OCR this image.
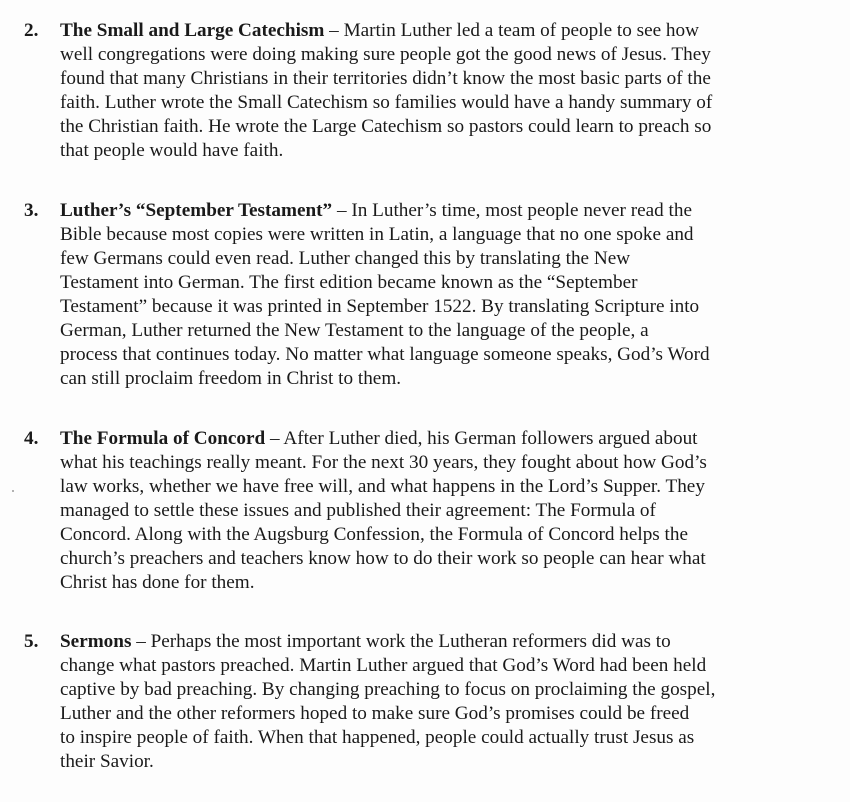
2.	The Small and Large Catechism – Martin Luther led a team of people to see how
well congregations were doing making sure people got the good news of Jesus. They
found that many Christians in their territories didn’t know the most basic parts of the
faith. Luther wrote the Small Catechism so families would have a handy summary of
the Christian faith. He wrote the Large Catechism so pastors could learn to preach so
that people would have faith.
3.	Luther’s “September Testament” – In Luther’s time, most people never read the
Bible because most copies were written in Latin, a language that no one spoke and
few Germans could even read. Luther changed this by translating the New
Testament into German. The first edition became known as the “September
Testament” because it was printed in September 1522. By translating Scripture into
German, Luther returned the New Testament to the language of the people, a
process that continues today. No matter what language someone speaks, God’s Word
can still proclaim freedom in Christ to them.
4.	The Formula of Concord – After Luther died, his German followers argued about
what his teachings really meant. For the next 30 years, they fought about how God’s
law works, whether we have free will, and what happens in the Lord’s Supper. They
managed to settle these issues and published their agreement: The Formula of
Concord. Along with the Augsburg Confession, the Formula of Concord helps the
church’s preachers and teachers know how to do their work so people can hear what
Christ has done for them.
5.	Sermons – Perhaps the most important work the Lutheran reformers did was to
change what pastors preached. Martin Luther argued that God’s Word had been held
captive by bad preaching. By changing preaching to focus on proclaiming the gospel,
Luther and the other reformers hoped to make sure God’s promises could be freed
to inspire people of faith. When that happened, people could actually trust Jesus as
their Savior.
